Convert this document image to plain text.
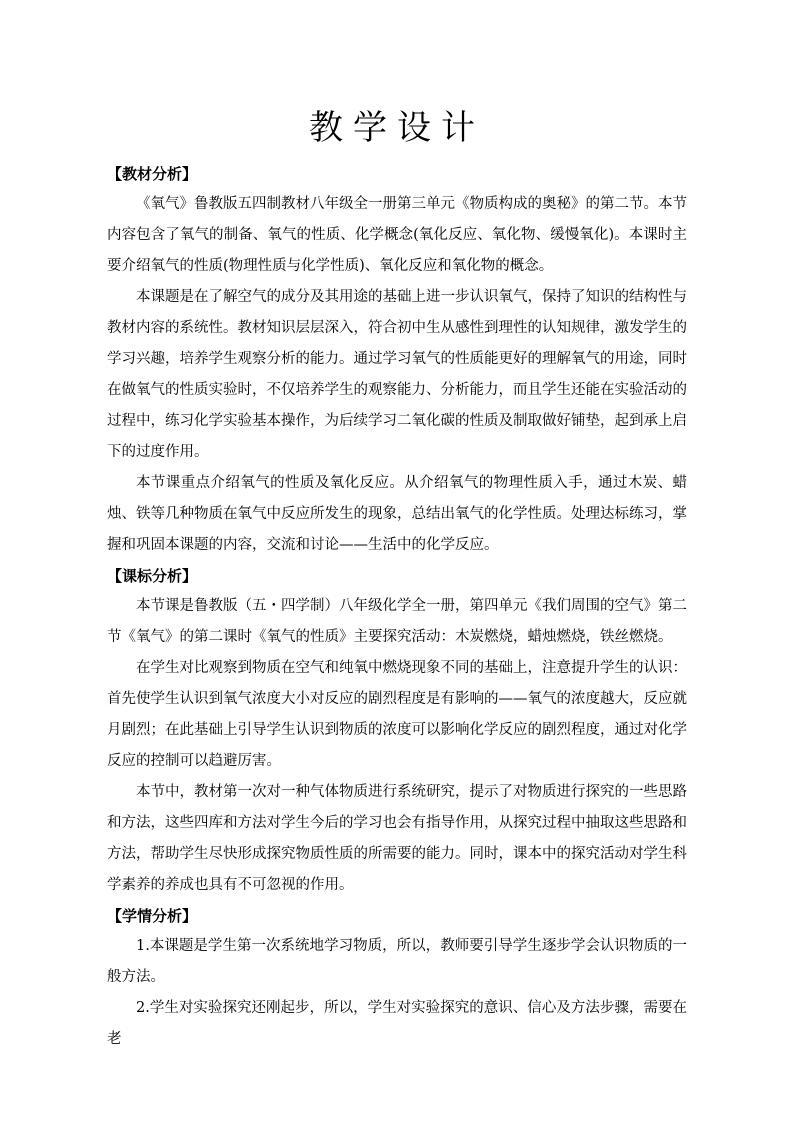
教学设计

【教材分析】

《氧气》鲁教版五四制教材八年级全一册第三单元《物质构成的奥秘》的第二节。本节内容包含了氧气的制备、氧气的性质、化学概念(氧化反应、氧化物、缓慢氧化)。本课时主要介绍氧气的性质(物理性质与化学性质)、氧化反应和氧化物的概念。

本课题是在了解空气的成分及其用途的基础上进一步认识氧气，保持了知识的结构性与教材内容的系统性。教材知识层层深入，符合初中生从感性到理性的认知规律，激发学生的学习兴趣，培养学生观察分析的能力。通过学习氧气的性质能更好的理解氧气的用途，同时在做氧气的性质实验时，不仅培养学生的观察能力、分析能力，而且学生还能在实验活动的过程中，练习化学实验基本操作，为后续学习二氧化碳的性质及制取做好铺垫，起到承上启下的过度作用。

本节课重点介绍氧气的性质及氧化反应。从介绍氧气的物理性质入手，通过木炭、蜡烛、铁等几种物质在氧气中反应所发生的现象，总结出氧气的化学性质。处理达标练习，掌握和巩固本课题的内容，交流和讨论——生活中的化学反应。

【课标分析】

本节课是鲁教版（五・四学制）八年级化学全一册，第四单元《我们周围的空气》第二节《氧气》的第二课时《氧气的性质》主要探究活动：木炭燃烧，蜡烛燃烧，铁丝燃烧。

在学生对比观察到物质在空气和纯氧中燃烧现象不同的基础上，注意提升学生的认识：首先使学生认识到氧气浓度大小对反应的剧烈程度是有影响的——氧气的浓度越大，反应就月剧烈；在此基础上引导学生认识到物质的浓度可以影响化学反应的剧烈程度，通过对化学反应的控制可以趋避厉害。

本节中，教材第一次对一种气体物质进行系统研究，提示了对物质进行探究的一些思路和方法，这些四库和方法对学生今后的学习也会有指导作用，从探究过程中抽取这些思路和方法，帮助学生尽快形成探究物质性质的所需要的能力。同时，课本中的探究活动对学生科学素养的养成也具有不可忽视的作用。

【学情分析】

1.本课题是学生第一次系统地学习物质，所以，教师要引导学生逐步学会认识物质的一般方法。

2.学生对实验探究还刚起步，所以，学生对实验探究的意识、信心及方法步骤，需要在老
